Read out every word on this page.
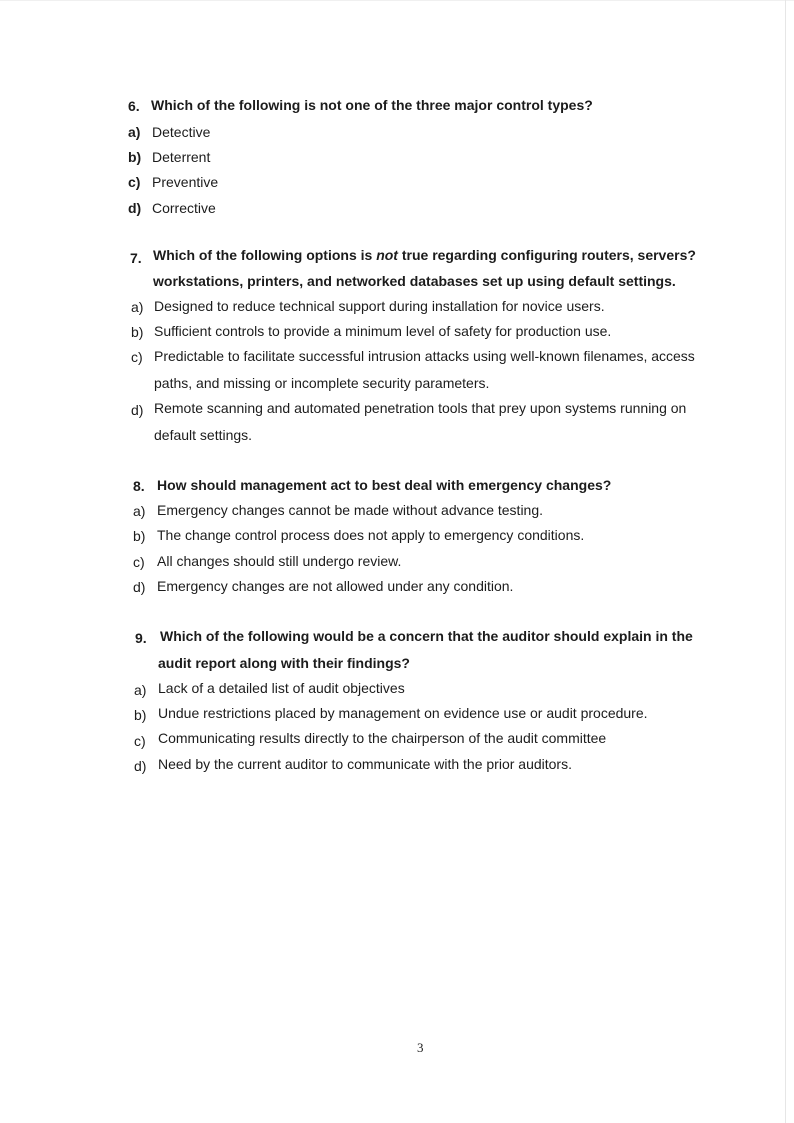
6. Which of the following is not one of the three major control types?
a) Detective
b) Deterrent
c) Preventive
d) Corrective
7. Which of the following options is not true regarding configuring routers, servers?
workstations, printers, and networked databases set up using default settings.
a) Designed to reduce technical support during installation for novice users.
b) Sufficient controls to provide a minimum level of safety for production use.
c) Predictable to facilitate successful intrusion attacks using well-known filenames, access
paths, and missing or incomplete security parameters.
d) Remote scanning and automated penetration tools that prey upon systems running on
default settings.
8. How should management act to best deal with emergency changes?
a) Emergency changes cannot be made without advance testing.
b) The change control process does not apply to emergency conditions.
c) All changes should still undergo review.
d) Emergency changes are not allowed under any condition.
9. Which of the following would be a concern that the auditor should explain in the
audit report along with their findings?
a) Lack of a detailed list of audit objectives
b) Undue restrictions placed by management on evidence use or audit procedure.
c) Communicating results directly to the chairperson of the audit committee
d) Need by the current auditor to communicate with the prior auditors.
3
